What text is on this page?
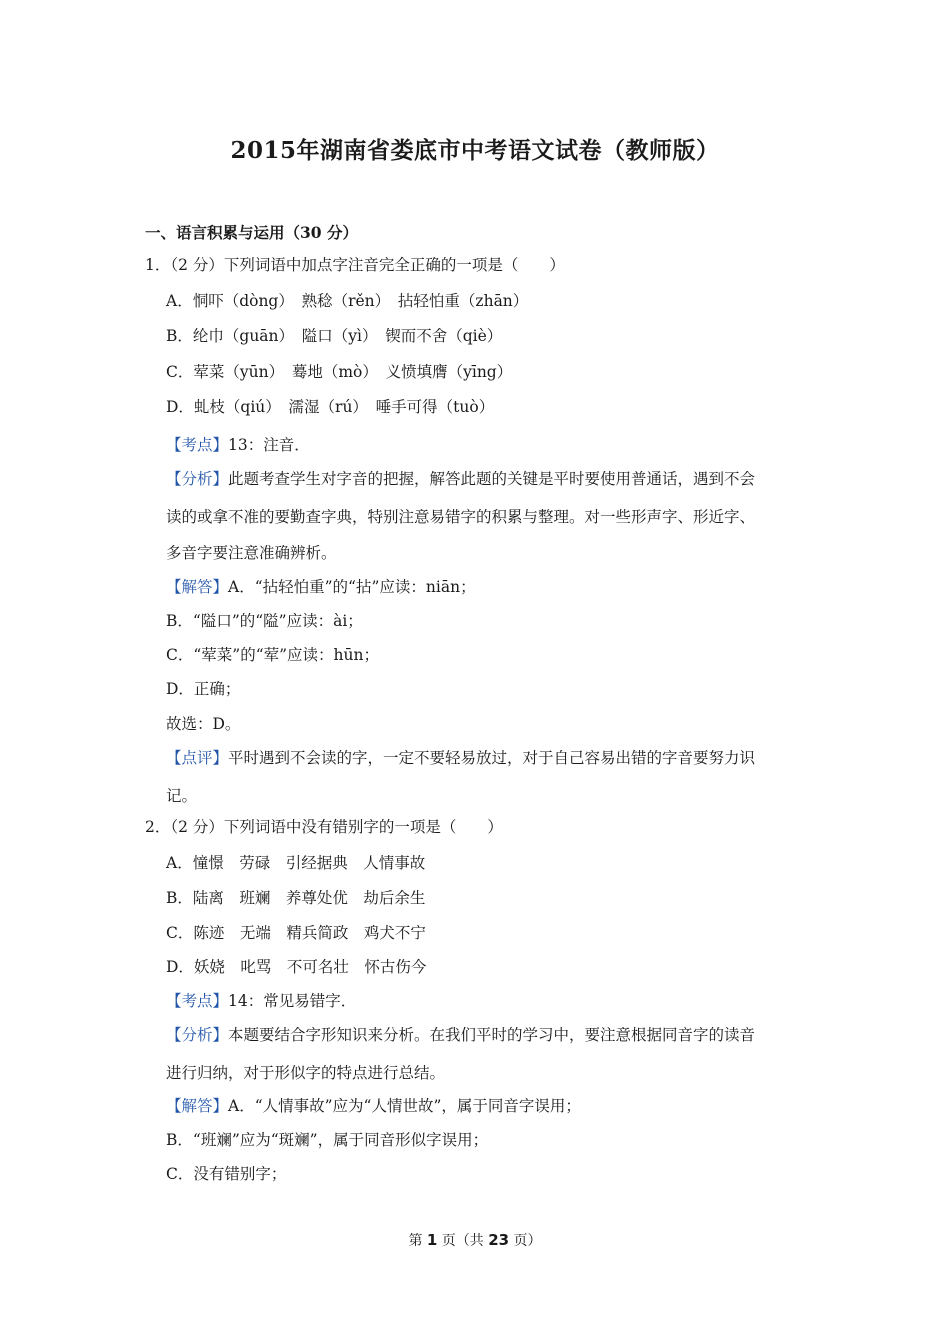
2015年湖南省娄底市中考语文试卷（教师版）
一、语言积累与运用（30 分）
1．（2 分）下列词语中加点字注音完全正确的一项是（　　）
A．恫吓（dòng）　熟稔（rěn）　拈轻怕重（zhān）
B．纶巾（guān）　隘口（yì）　锲而不舍（qiè）
C．荤菜（yūn）　蓦地（mò）　义愤填膺（yīng）
D．虬枝（qiú）　濡湿（rú）　唾手可得（tuò）
【考点】13：注音．
【分析】此题考查学生对字音的把握，解答此题的关键是平时要使用普通话，遇到不会
读的或拿不准的要勤查字典，特别注意易错字的积累与整理。对一些形声字、形近字、
多音字要注意准确辨析。
【解答】A．“拈轻怕重”的“拈”应读：niān；
B．“隘口”的“隘”应读：ài；
C．“荤菜”的“荤”应读：hūn；
D．正确；
故选：D。
【点评】平时遇到不会读的字，一定不要轻易放过，对于自己容易出错的字音要努力识
记。
2．（2 分）下列词语中没有错别字的一项是（　　）
A．憧憬　劳碌　引经据典　人情事故
B．陆离　班斓　养尊处优　劫后余生
C．陈迹　无端　精兵简政　鸡犬不宁
D．妖娆　叱骂　不可名壮　怀古伤今
【考点】14：常见易错字．
【分析】本题要结合字形知识来分析。在我们平时的学习中，要注意根据同音字的读音
进行归纳，对于形似字的特点进行总结。
【解答】A．“人情事故”应为“人情世故”，属于同音字误用；
B．“班斓”应为“斑斓”，属于同音形似字误用；
C．没有错别字；
第 1 页（共 23 页）
